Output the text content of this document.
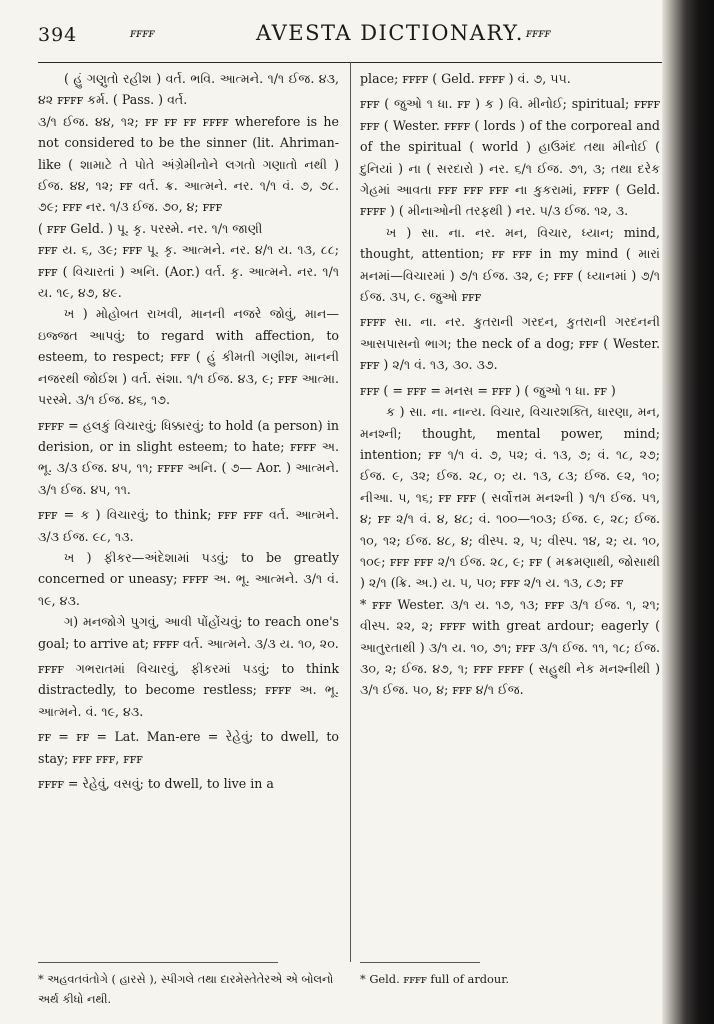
394	ꜰꜰꜰꜰ	AVESTA DICTIONARY. ꜰꜰꜰꜰ

( હું ગણુતો રહીશ ) વર્ત. ભવિ. આત્મને. ૧/૧ ઈજ. ૪૩, ૪૨ ꜰꜰꜰꜰ કર્મ. ( Pass. ) વર્ત.

૩/૧ ઈજ. ૪૪, ૧૨; ꜰꜰ ꜰꜰ ꜰꜰ ꜰꜰꜰꜰ wherefore is he not considered to be the sinner (lit. Ahriman-like ( શામાટે તે પોતે અંગ્રેમીનોને લગતો ગણાતો નથી ) ઈજ. ૪૪, ૧૨; ꜰꜰ વર્ત. ક્ર. આત્મને. નર. ૧/૧ વં. ૭, ૭૮. ૭૯; ꜰꜰꜰ નર. ૧/૩ ઈજ. ૭૦, ૪; ꜰꜰꜰ

( ꜰꜰꜰ Geld. ) પૂ. કૃ. પરસ્મે. નર. ૧/૧ જાણી

ꜰꜰꜰ ય. ૬, ૩૯; ꜰꜰꜰ પૂ. કૃ. આત્મને. નર. ૪/૧ ય. ૧૩, ૮૮; ꜰꜰꜰ ( વિચારતાં ) અનિ. (Aor.) વર્ત. કૃ. આત્મને. નર. ૧/૧ ય. ૧૯, ૪૭, ૪૯.

ખ ) મોહોબત રાખવી, માનની નજરે જોવું, માન—ઇજ્જત આપવું; to regard with affection, to esteem, to respect; ꜰꜰꜰ ( હું કીમતી ગણીશ, માનની નજરથી જોઈશ ) વર્ત. સંશા. ૧/૧ ઈજ. ૪૩, ૯; ꜰꜰꜰ આત્મા. પરસ્મે. ૩/૧ ઈજ. ૪૬, ૧૭.

ꜰꜰꜰꜰ = હલકું વિચારવું; ધિક્કારવું; to hold (a person) in derision, or in slight esteem; to hate; ꜰꜰꜰꜰ અ. ભૂ. ૩/૩ ઈજ. ૪૫, ૧૧; ꜰꜰꜰꜰ અનિ. ( ૭— Aor. ) આત્મને. ૩/૧ ઈજ. ૪૫, ૧૧.

ꜰꜰꜰ = ક ) વિચારવું; to think; ꜰꜰꜰ ꜰꜰꜰ વર્ત. આત્મને. ૩/૩ ઈજ. ૯૮, ૧૩.

ખ ) ફીકર—અંદેશામાં પડવું; to be greatly concerned or uneasy; ꜰꜰꜰꜰ અ. ભૂ. આત્મને. ૩/૧ વં. ૧૯, ૪૩.

ગ) મનજોગે પુગવું, આવી પોંહોંચવું; to reach one's goal; to arrive at; ꜰꜰꜰꜰ વર્ત. આત્મને. ૩/૩ ય. ૧૦, ૨૦.

ꜰꜰꜰꜰ ગભરાતમાં વિચારવું, ફીકરમાં પડવું; to think distractedly, to become restless; ꜰꜰꜰꜰ અ. ભૂ. આત્મને. વં. ૧૯, ૪૩.

ꜰꜰ = ꜰꜰ = Lat. Man-ere = રેહેવું; to dwell, to stay; ꜰꜰꜰ ꜰꜰꜰ, ꜰꜰꜰ

ꜰꜰꜰꜰ = રેહેવું, વસવું; to dwell, to live in a

place; ꜰꜰꜰꜰ ( Geld. ꜰꜰꜰꜰ ) વં. ૭, ૫૫.

ꜰꜰꜰ ( જુઓ ૧ ધા. ꜰꜰ ) ક ) વિ. મીનોઈ; spiritual; ꜰꜰꜰꜰ ꜰꜰꜰ ( Wester. ꜰꜰꜰꜰ ( lords ) of the corporeal and of the spiritual ( world ) હાઉમંદ તથા મીનોઈ ( દુનિયાં ) ના ( સરદારો ) નર. ૬/૧ ઈજ. ૭૧, ૩; તથા દરેક ગેહમાં આવતા ꜰꜰꜰ ꜰꜰꜰ ꜰꜰꜰ ના કુકરામાં, ꜰꜰꜰꜰ ( Geld. ꜰꜰꜰꜰ ) ( મીનાઓની તરફથી ) નર. ૫/૩ ઈજ. ૧૨, ૩.

ખ ) સા. ના. નર. મન, વિચાર, ધ્યાન; mind, thought, attention; ꜰꜰ ꜰꜰꜰ in my mind ( મારાં મનમાં—વિચારમાં ) ૭/૧ ઈજ. ૩૨, ૯; ꜰꜰꜰ ( ધ્યાનમાં ) ૭/૧ ઈજ. ૩૫, ૯. જુઓ ꜰꜰꜰ

ꜰꜰꜰꜰ સા. ના. નર. કુતરાની ગરદન, કુતરાની ગરદનની આસપાસનો ભાગ; the neck of a dog; ꜰꜰꜰ ( Wester. ꜰꜰꜰ ) ૨/૧ વં. ૧૩, ૩૦. ૩૭.

ꜰꜰꜰ ( = ꜰꜰꜰ = મનસ = ꜰꜰꜰ ) ( જુઓ ૧ ધા. ꜰꜰ )

ક ) સા. ના. નાન્ય. વિચાર, વિચારશક્તિ, ધારણા, મન, મનશ્ની; thought, mental power, mind; intention; ꜰꜰ ૧/૧ વં. ૭, ૫૨; વં. ૧૩, ૭; વં. ૧૮, ૨૭; ઈજ. ૯, ૩૨; ઈજ. ૨૮, ૦; ય. ૧૩, ૮૩; ઈજ. ૯૨, ૧૦; નીઆ. ૫, ૧૬; ꜰꜰ ꜰꜰꜰ ( સર્વોત્તમ મનશ્ની ) ૧/૧ ઈજ. ૫૧, ૪; ꜰꜰ ૨/૧ વં. ૪, ૪૮; વં. ૧૦૦—૧૦૩; ઈજ. ૯, ૨૮; ઈજ. ૧૦, ૧૨; ઈજ. ૪૮, ૪; વીસ્પ. ૨, ૫; વીસ્પ. ૧૪, ૨; ય. ૧૦, ૧૦૯; ꜰꜰꜰ ꜰꜰꜰ ૨/૧ ઈજ. ૨૮, ૯; ꜰꜰ ( મક્રમણાથી, જોસાથી ) ૨/૧ (ક્રિ. અ.) ય. ૫, ૫૦; ꜰꜰꜰ ૨/૧ ય. ૧૩, ૮૭; ꜰꜰ

* ꜰꜰꜰ Wester. ૩/૧ ય. ૧૭, ૧૩; ꜰꜰꜰ ૩/૧ ઈજ. ૧, ૨૧; વીસ્પ. ૨૨, ૨; ꜰꜰꜰꜰ with great ardour; eagerly ( આતુરતાથી ) ૩/૧ ય. ૧૦, ૭૧; ꜰꜰꜰ ૩/૧ ઈજ. ૧૧, ૧૮; ઈજ. ૩૦, ૨; ઈજ. ૪૭, ૧; ꜰꜰꜰ ꜰꜰꜰꜰ ( સહુથી નેક મનશ્નીથી ) ૩/૧ ઈજ. ૫૦, ૪; ꜰꜰꜰ ૪/૧ ઈજ.

* અહવતવંતોગે ( હારસે ), સ્પીગલે તથા દારમેસ્તેતેરએ એ બોલનો અર્થ કીધો નથી.
* Geld. ꜰꜰꜰꜰ full of ardour.
